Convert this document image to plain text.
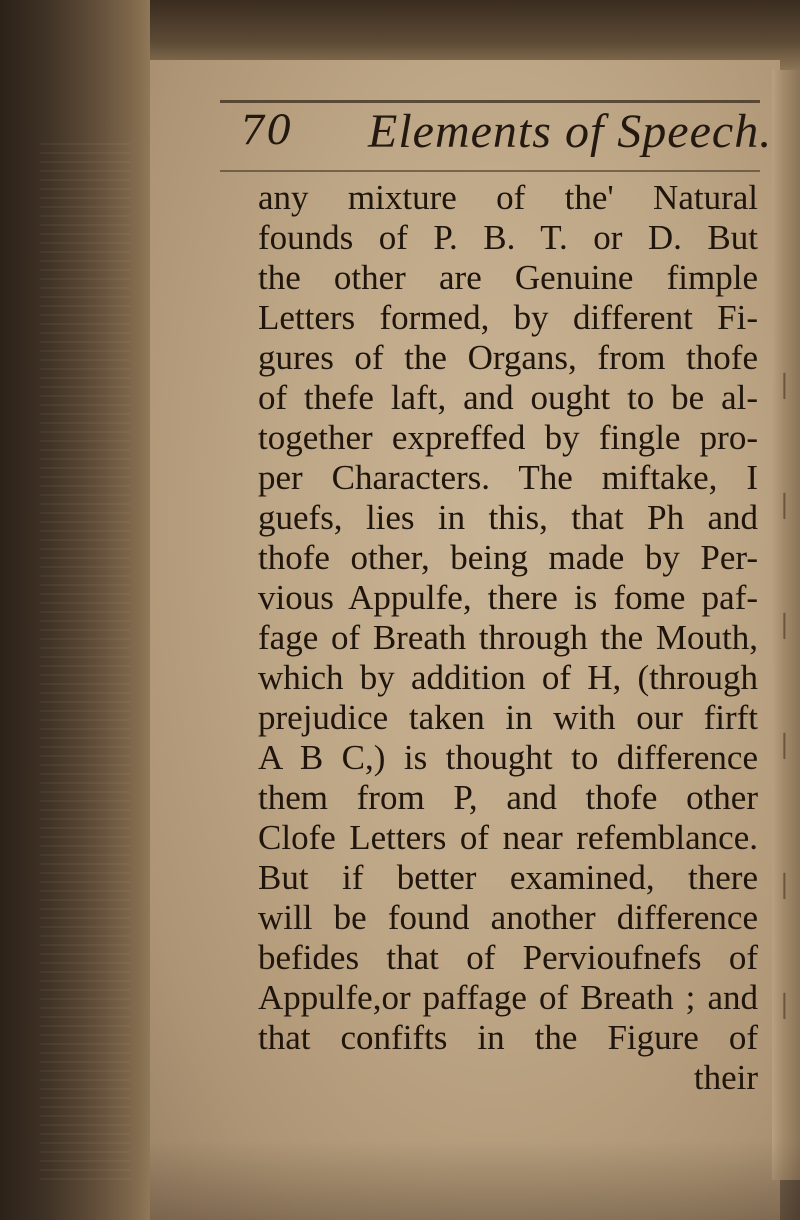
|
|
|
|
|
|
70 Elements of Speech.
any mixture of the' Natural
founds of P. B. T. or D. But
the other are Genuine fimple
Letters formed, by different Fi-
gures of the Organs, from thofe
of thefe laft, and ought to be al-
together expreffed by fingle pro-
per Characters. The miftake, I
guefs, lies in this, that Ph and
thofe other, being made by Per-
vious Appulfe, there is fome paf-
fage of Breath through the Mouth,
which by addition of H, (through
prejudice taken in with our firft
A B C,) is thought to difference
them from P, and thofe other
Clofe Letters of near refemblance.
But if better examined, there
will be found another difference
befides that of Pervioufnefs of
Appulfe,or paffage of Breath ; and
that confifts in the Figure of
their
